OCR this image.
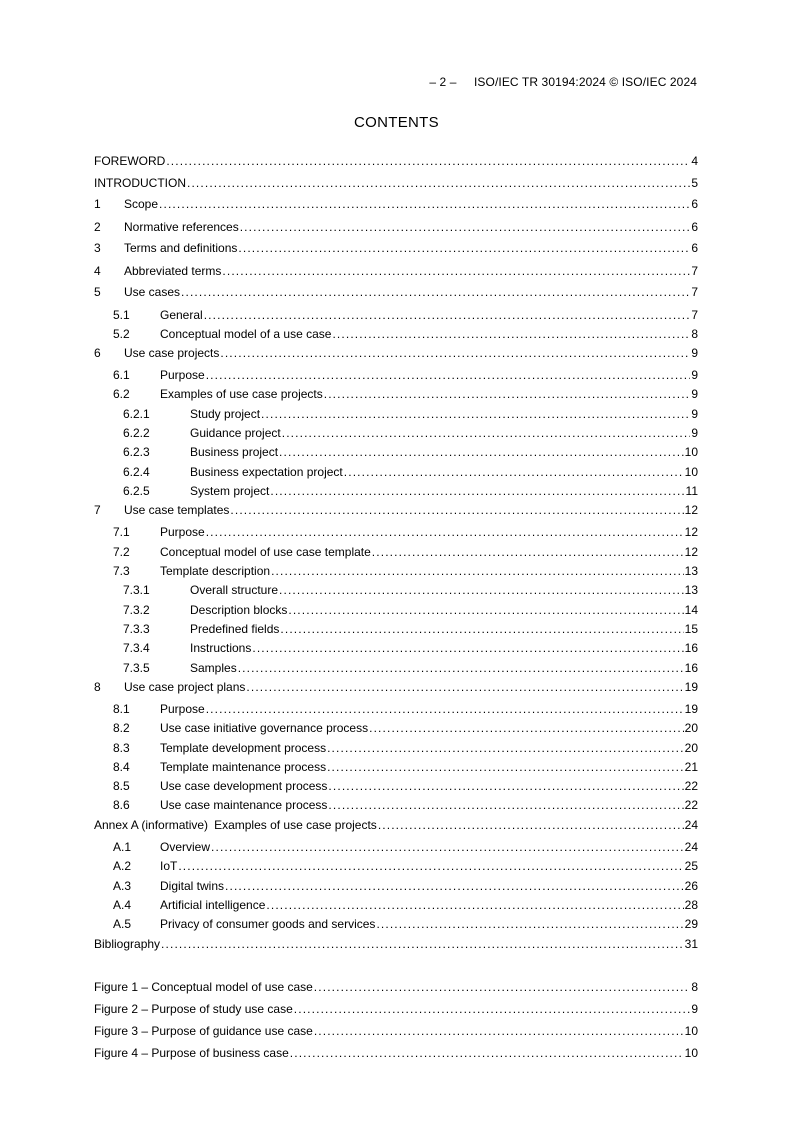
– 2 – ISO/IEC TR 30194:2024 © ISO/IEC 2024
CONTENTS
FOREWORD . . .	4
INTRODUCTION . . .	5
1	Scope . . .	6
2	Normative references . . .	6
3	Terms and definitions . . .	6
4	Abbreviated terms . . .	7
5	Use cases . . .	7
5.1	General . . .	7
5.2	Conceptual model of a use case . . .	8
6	Use case projects . . .	9
6.1	Purpose . . .	9
6.2	Examples of use case projects . . .	9
6.2.1	Study project . . .	9
6.2.2	Guidance project . . .	9
6.2.3	Business project . . .	10
6.2.4	Business expectation project . . .	10
6.2.5	System project . . .	11
7	Use case templates . . .	12
7.1	Purpose . . .	12
7.2	Conceptual model of use case template . . .	12
7.3	Template description . . .	13
7.3.1	Overall structure . . .	13
7.3.2	Description blocks . . .	14
7.3.3	Predefined fields . . .	15
7.3.4	Instructions . . .	16
7.3.5	Samples . . .	16
8	Use case project plans . . .	19
8.1	Purpose . . .	19
8.2	Use case initiative governance process . . .	20
8.3	Template development process . . .	20
8.4	Template maintenance process . . .	21
8.5	Use case development process . . .	22
8.6	Use case maintenance process . . .	22
Annex A (informative) Examples of use case projects . . .	24
A.1	Overview . . .	24
A.2	IoT . . .	25
A.3	Digital twins . . .	26
A.4	Artificial intelligence . . .	28
A.5	Privacy of consumer goods and services . . .	29
Bibliography . . .	31
Figure 1 – Conceptual model of use case . . .	8
Figure 2 – Purpose of study use case . . .	9
Figure 3 – Purpose of guidance use case . . .	10
Figure 4 – Purpose of business case . . .	10
